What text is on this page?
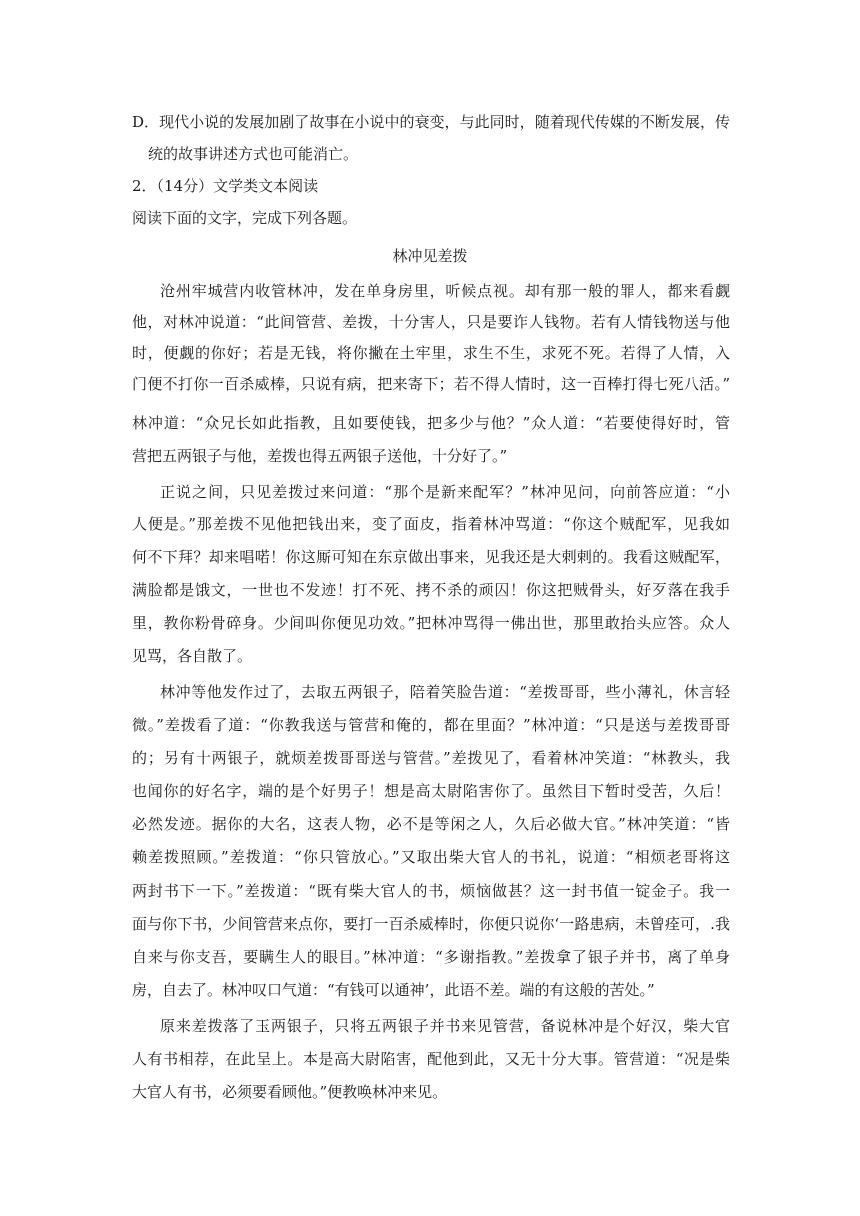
D．现代小说的发展加剧了故事在小说中的衰变，与此同时，随着现代传媒的不断发展，传
统的故事讲述方式也可能消亡。
2．（14分）文学类文本阅读
阅读下面的文字，完成下列各题。
林冲见差拨
沧州牢城营内收管林冲，发在单身房里，听候点视。却有那一般的罪人，都来看觑
他，对林冲说道：“此间管营、差拨，十分害人，只是要诈人钱物。若有人情钱物送与他
时，便觑的你好；若是无钱，将你撇在土牢里，求生不生，求死不死。若得了人情，入
门便不打你一百杀威棒，只说有病，把来寄下；若不得人情时，这一百棒打得七死八活。”
林冲道：“众兄长如此指教，且如要使钱，把多少与他？”众人道：“若要使得好时，管
营把五两银子与他，差拨也得五两银子送他，十分好了。”
正说之间，只见差拨过来问道：“那个是新来配军？”林冲见问，向前答应道：“小
人便是。”那差拨不见他把钱出来，变了面皮，指着林冲骂道：“你这个贼配军，见我如
何不下拜？却来唱喏！你这厮可知在东京做出事来，见我还是大剌剌的。我看这贼配军，
满脸都是饿文，一世也不发迹！打不死、拷不杀的顽囚！你这把贼骨头，好歹落在我手
里，教你粉骨碎身。少间叫你便见功效。”把林冲骂得一佛出世，那里敢抬头应答。众人
见骂，各自散了。
林冲等他发作过了，去取五两银子，陪着笑脸告道：“差拨哥哥，些小薄礼，休言轻
微。”差拨看了道：“你教我送与管营和俺的，都在里面？”林冲道：“只是送与差拨哥哥
的；另有十两银子，就烦差拨哥哥送与管营。”差拨见了，看着林冲笑道：“林教头，我
也闻你的好名字，端的是个好男子！想是高太尉陷害你了。虽然目下暂时受苦，久后！
必然发迹。据你的大名，这表人物，必不是等闲之人，久后必做大官。”林冲笑道：“皆
赖差拨照顾。”差拨道：“你只管放心。”又取出柴大官人的书礼，说道：“相烦老哥将这
两封书下一下。”差拨道：“既有柴大官人的书，烦恼做甚？这一封书值一锭金子。我一
面与你下书，少间管营来点你，要打一百杀威棒时，你便只说你‘一路患病，未曾痊可，.我
自来与你支吾，要瞒生人的眼目。”林冲道：“多谢指教。”差拨拿了银子并书，离了单身
房，自去了。林冲叹口气道：“有钱可以通神’，此语不差。端的有这般的苦处。”
原来差拨落了玉两银子，只将五两银子并书来见管营，备说林冲是个好汉，柴大官
人有书相荐，在此呈上。本是高大尉陷害，配他到此，又无十分大事。管营道：“况是柴
大官人有书，必须要看顾他。”便教唤林冲来见。
